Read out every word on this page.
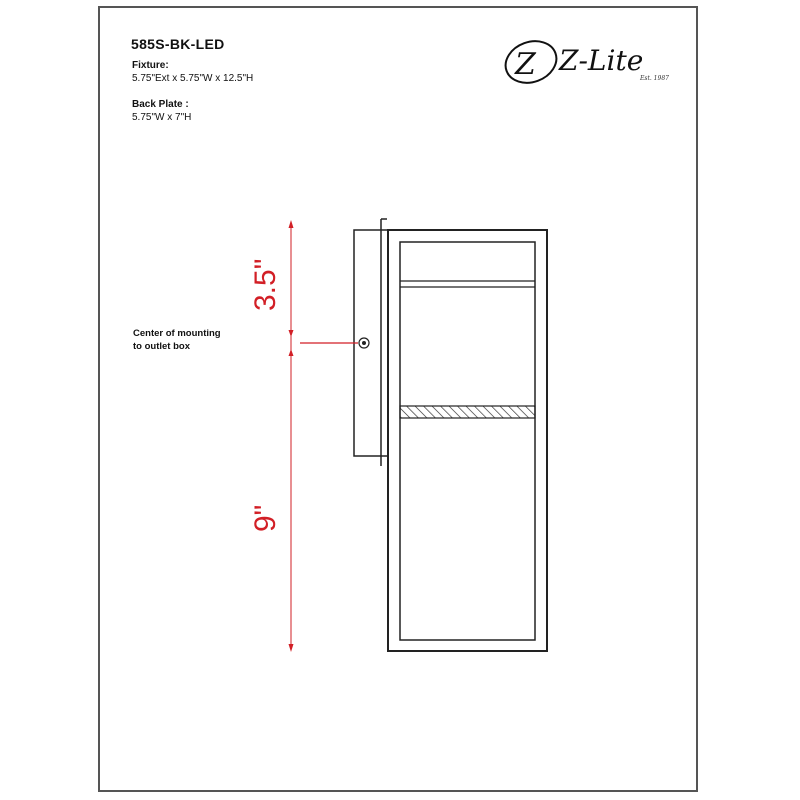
585S-BK-LED
Fixture:
5.75"Ext x 5.75"W x 12.5"H
Back Plate :
5.75"W x 7"H
Center of mounting
to outlet box
Z Z-Lite
Est. 1987
3.5"
9"
